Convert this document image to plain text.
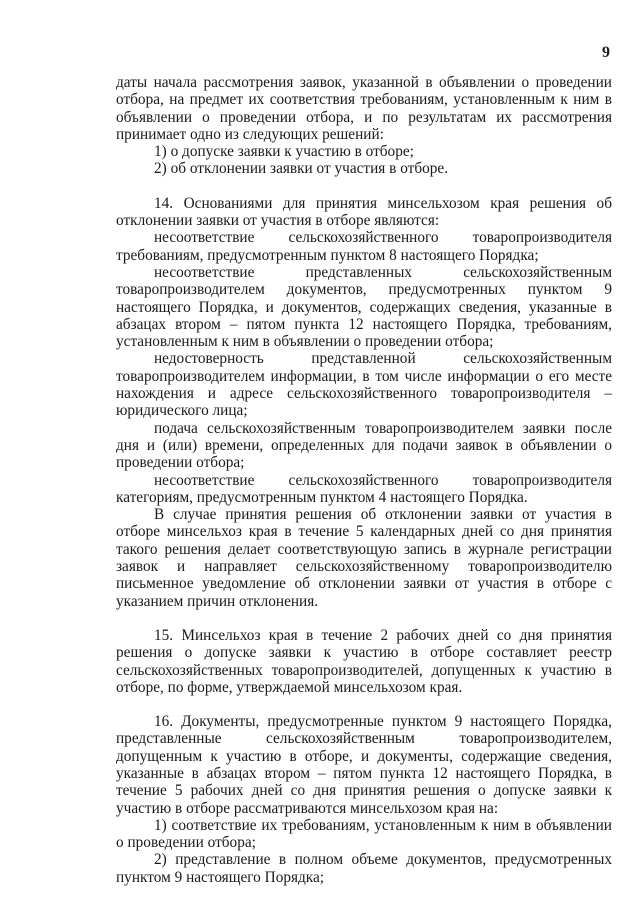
9

даты начала рассмотрения заявок, указанной в объявлении о проведении отбора, на предмет их соответствия требованиям, установленным к ним в объявлении о проведении отбора, и по результатам их рассмотрения принимает одно из следующих решений:

1) о допуске заявки к участию в отборе;

2) об отклонении заявки от участия в отборе.

14. Основаниями для принятия минсельхозом края решения об отклонении заявки от участия в отборе являются:

несоответствие сельскохозяйственного товаропроизводителя требованиям, предусмотренным пунктом 8 настоящего Порядка;

несоответствие представленных сельскохозяйственным товаропроизводителем документов, предусмотренных пунктом 9 настоящего Порядка, и документов, содержащих сведения, указанные в абзацах втором – пятом пункта 12 настоящего Порядка, требованиям, установленным к ним в объявлении о проведении отбора;

недостоверность представленной сельскохозяйственным товаропроизводителем информации, в том числе информации о его месте нахождения и адресе сельскохозяйственного товаропроизводителя – юридического лица;

подача сельскохозяйственным товаропроизводителем заявки после дня и (или) времени, определенных для подачи заявок в объявлении о проведении отбора;

несоответствие сельскохозяйственного товаропроизводителя категориям, предусмотренным пунктом 4 настоящего Порядка.

В случае принятия решения об отклонении заявки от участия в отборе минсельхоз края в течение 5 календарных дней со дня принятия такого решения делает соответствующую запись в журнале регистрации заявок и направляет сельскохозяйственному товаропроизводителю письменное уведомление об отклонении заявки от участия в отборе с указанием причин отклонения.

15. Минсельхоз края в течение 2 рабочих дней со дня принятия решения о допуске заявки к участию в отборе составляет реестр сельскохозяйственных товаропроизводителей, допущенных к участию в отборе, по форме, утверждаемой минсельхозом края.

16. Документы, предусмотренные пунктом 9 настоящего Порядка, представленные сельскохозяйственным товаропроизводителем, допущенным к участию в отборе, и документы, содержащие сведения, указанные в абзацах втором – пятом пункта 12 настоящего Порядка, в течение 5 рабочих дней со дня принятия решения о допуске заявки к участию в отборе рассматриваются минсельхозом края на:

1) соответствие их требованиям, установленным к ним в объявлении о проведении отбора;

2) представление в полном объеме документов, предусмотренных пунктом 9 настоящего Порядка;
